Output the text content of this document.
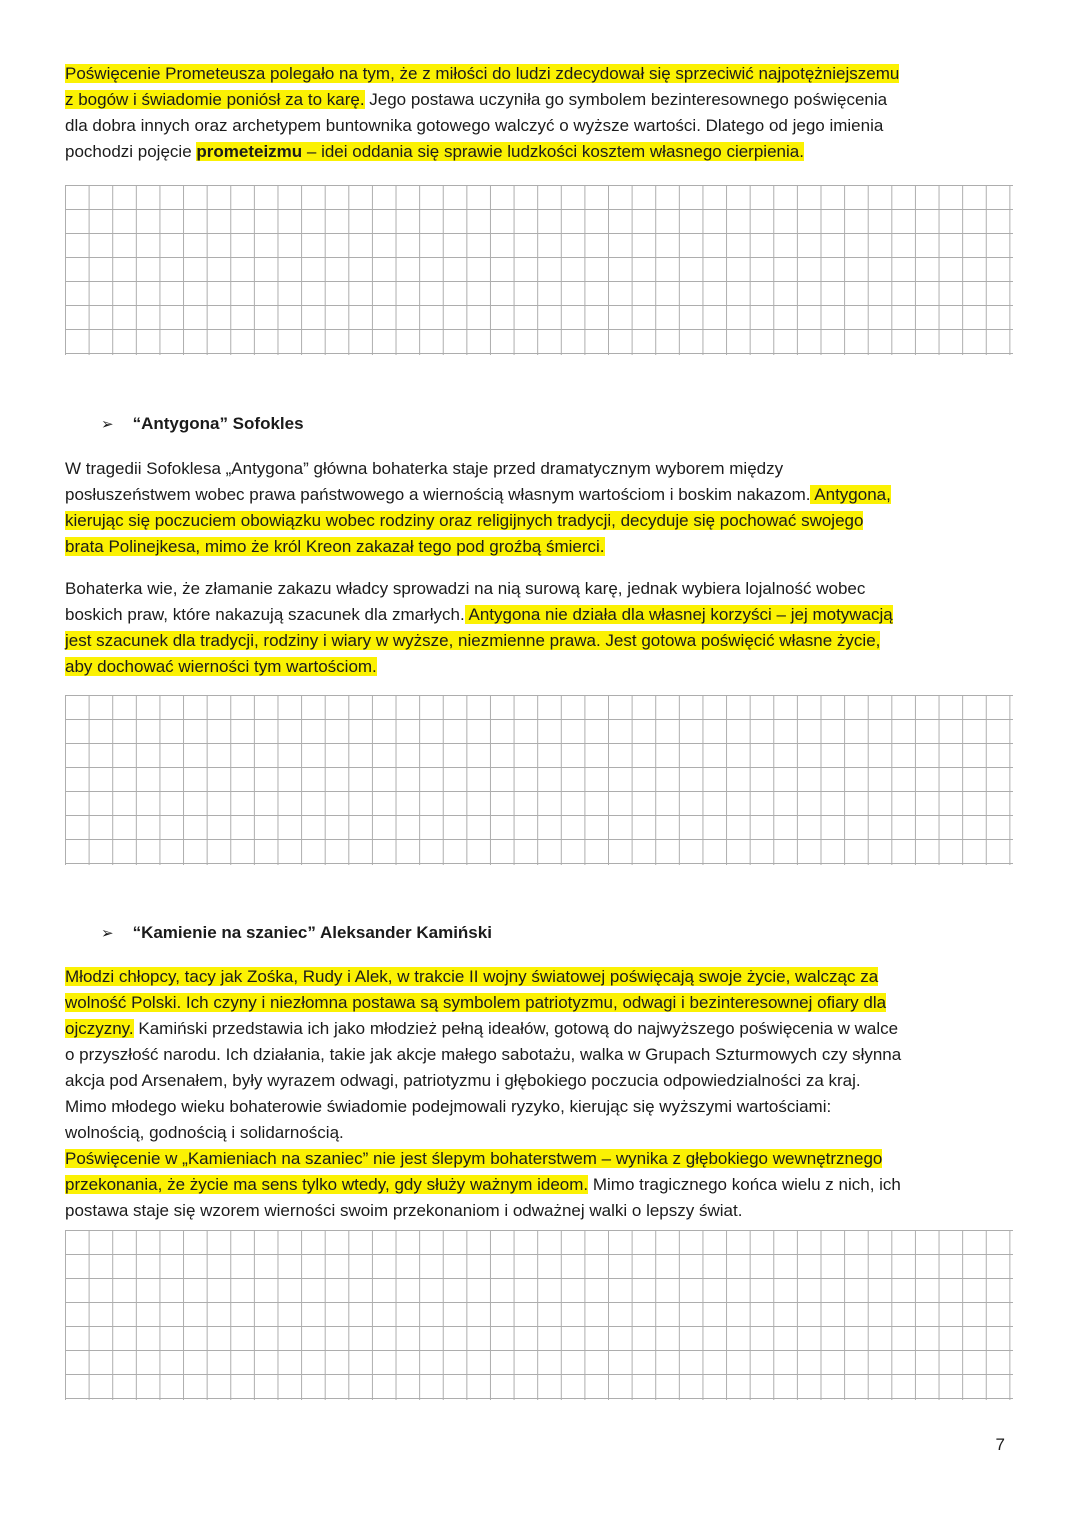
Poświęcenie Prometeusza polegało na tym, że z miłości do ludzi zdecydował się sprzeciwić najpotężniejszemu
z bogów i świadomie poniósł za to karę. Jego postawa uczyniła go symbolem bezinteresownego poświęcenia
dla dobra innych oraz archetypem buntownika gotowego walczyć o wyższe wartości. Dlatego od jego imienia
pochodzi pojęcie prometeizmu – idei oddania się sprawie ludzkości kosztem własnego cierpienia.
➢ “Antygona” Sofokles
W tragedii Sofoklesa „Antygona” główna bohaterka staje przed dramatycznym wyborem między
posłuszeństwem wobec prawa państwowego a wiernością własnym wartościom i boskim nakazom. Antygona,
kierując się poczuciem obowiązku wobec rodziny oraz religijnych tradycji, decyduje się pochować swojego
brata Polinejkesa, mimo że król Kreon zakazał tego pod groźbą śmierci.
Bohaterka wie, że złamanie zakazu władcy sprowadzi na nią surową karę, jednak wybiera lojalność wobec
boskich praw, które nakazują szacunek dla zmarłych. Antygona nie działa dla własnej korzyści – jej motywacją
jest szacunek dla tradycji, rodziny i wiary w wyższe, niezmienne prawa. Jest gotowa poświęcić własne życie,
aby dochować wierności tym wartościom.
➢ “Kamienie na szaniec” Aleksander Kamiński
Młodzi chłopcy, tacy jak Zośka, Rudy i Alek, w trakcie II wojny światowej poświęcają swoje życie, walcząc za
wolność Polski. Ich czyny i niezłomna postawa są symbolem patriotyzmu, odwagi i bezinteresownej ofiary dla
ojczyzny. Kamiński przedstawia ich jako młodzież pełną ideałów, gotową do najwyższego poświęcenia w walce
o przyszłość narodu. Ich działania, takie jak akcje małego sabotażu, walka w Grupach Szturmowych czy słynna
akcja pod Arsenałem, były wyrazem odwagi, patriotyzmu i głębokiego poczucia odpowiedzialności za kraj.
Mimo młodego wieku bohaterowie świadomie podejmowali ryzyko, kierując się wyższymi wartościami:
wolnością, godnością i solidarnością.
Poświęcenie w „Kamieniach na szaniec” nie jest ślepym bohaterstwem – wynika z głębokiego wewnętrznego
przekonania, że życie ma sens tylko wtedy, gdy służy ważnym ideom. Mimo tragicznego końca wielu z nich, ich
postawa staje się wzorem wierności swoim przekonaniom i odważnej walki o lepszy świat.
7
